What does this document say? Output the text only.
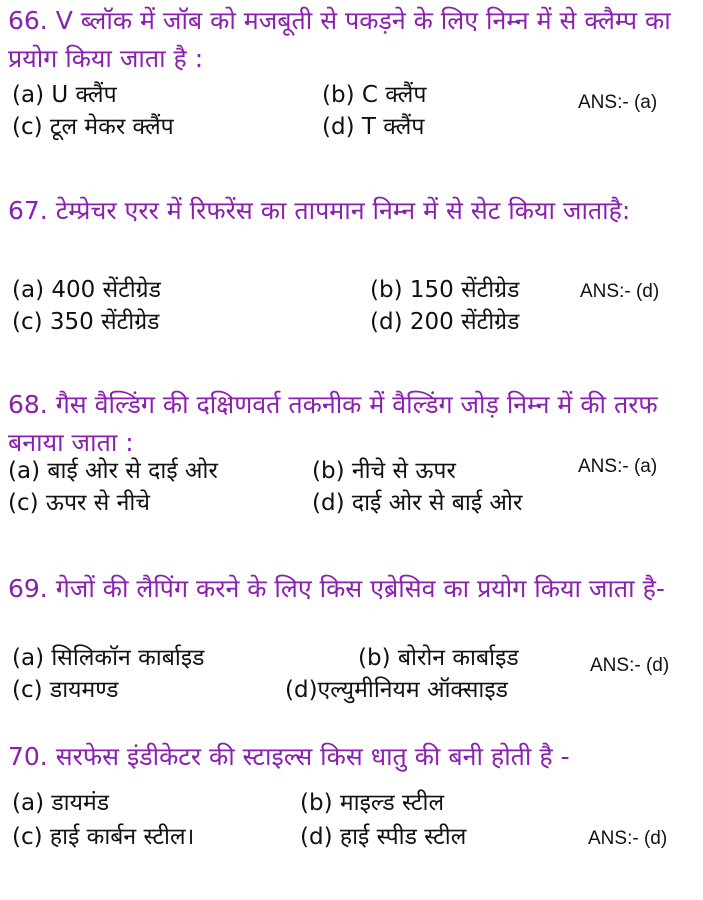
66. V ब्लॉक में जॉब को मजबूती से पकड़ने के लिए निम्न में से क्लैम्प का प्रयोग किया जाता है :

(a) U क्लैंप	(b) C क्लैंप
(c) टूल मेकर क्लैंप	(d) T क्लैंप
ANS:- (a)

67. टेम्प्रेचर एरर में रिफरेंस का तापमान निम्न में से सेट किया जाताहै:

(a) 400 सेंटीग्रेड	(b) 150 सेंटीग्रेड
(c) 350 सेंटीग्रेड	(d) 200 सेंटीग्रेड
ANS:- (d)

68. गैस वैल्डिंग की दक्षिणवर्त तकनीक में वैल्डिंग जोड़ निम्न में की तरफ बनाया जाता :

(a) बाई ओर से दाई ओर	(b) नीचे से ऊपर
(c) ऊपर से नीचे	(d) दाई ओर से बाई ओर
ANS:- (a)

69. गेजों की लैपिंग करने के लिए किस एब्रेसिव का प्रयोग किया जाता है-

(a) सिलिकॉन कार्बाइड	(b) बोरोन कार्बाइड
(c) डायमण्ड	(d)एल्युमीनियम ऑक्साइड
ANS:- (d)

70. सरफेस इंडीकेटर की स्टाइल्स किस धातु की बनी होती है -

(a) डायमंड	(b) माइल्ड स्टील
(c) हाई कार्बन स्टील।	(d) हाई स्पीड स्टील	ANS:- (d)
